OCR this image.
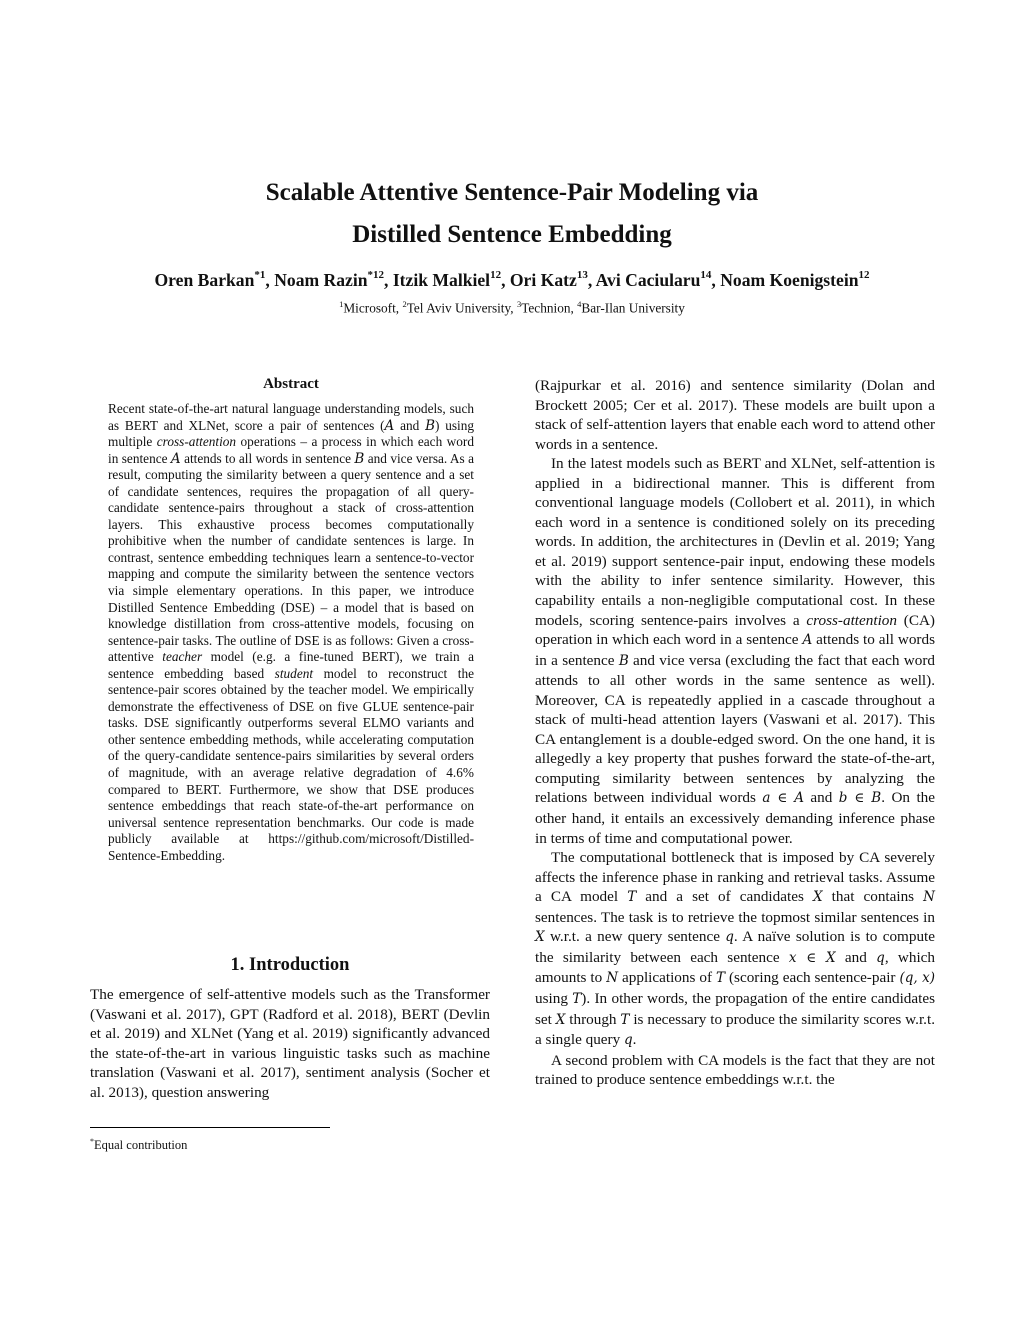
Scalable Attentive Sentence-Pair Modeling via
Distilled Sentence Embedding
Oren Barkan$^{*1}$, Noam Razin$^{*12}$, Itzik Malkiel$^{12}$, Ori Katz$^{13}$, Avi Caciularu$^{14}$, Noam Koenigstein$^{12}$
$^1$Microsoft, $^2$Tel Aviv University, $^3$Technion, $^4$Bar-Ilan University
Abstract

Recent state-of-the-art natural language understanding models, such as BERT and XLNet, score a pair of sentences (A and B) using multiple cross-attention operations – a process in which each word in sentence A attends to all words in sentence B and vice versa. As a result, computing the similarity between a query sentence and a set of candidate sentences, requires the propagation of all query-candidate sentence-pairs throughout a stack of cross-attention layers. This exhaustive process becomes computationally prohibitive when the number of candidate sentences is large. In contrast, sentence embedding techniques learn a sentence-to-vector mapping and compute the similarity between the sentence vectors via simple elementary operations. In this paper, we introduce Distilled Sentence Embedding (DSE) – a model that is based on knowledge distillation from cross-attentive models, focusing on sentence-pair tasks. The outline of DSE is as follows: Given a cross-attentive teacher model (e.g. a fine-tuned BERT), we train a sentence embedding based student model to reconstruct the sentence-pair scores obtained by the teacher model. We empirically demonstrate the effectiveness of DSE on five GLUE sentence-pair tasks. DSE significantly outperforms several ELMO variants and other sentence embedding methods, while accelerating computation of the query-candidate sentence-pairs similarities by several orders of magnitude, with an average relative degradation of 4.6% compared to BERT. Furthermore, we show that DSE produces sentence embeddings that reach state-of-the-art performance on universal sentence representation benchmarks. Our code is made publicly available at https://github.com/microsoft/Distilled-Sentence-Embedding.

1. Introduction

The emergence of self-attentive models such as the Transformer (Vaswani et al. 2017), GPT (Radford et al. 2018), BERT (Devlin et al. 2019) and XLNet (Yang et al. 2019) significantly advanced the state-of-the-art in various linguistic tasks such as machine translation (Vaswani et al. 2017), sentiment analysis (Socher et al. 2013), question answering

(Rajpurkar et al. 2016) and sentence similarity (Dolan and Brockett 2005; Cer et al. 2017). These models are built upon a stack of self-attention layers that enable each word to attend other words in a sentence.

In the latest models such as BERT and XLNet, self-attention is applied in a bidirectional manner. This is different from conventional language models (Collobert et al. 2011), in which each word in a sentence is conditioned solely on its preceding words. In addition, the architectures in (Devlin et al. 2019; Yang et al. 2019) support sentence-pair input, endowing these models with the ability to infer sentence similarity. However, this capability entails a non-negligible computational cost. In these models, scoring sentence-pairs involves a cross-attention (CA) operation in which each word in a sentence A attends to all words in a sentence B and vice versa (excluding the fact that each word attends to all other words in the same sentence as well). Moreover, CA is repeatedly applied in a cascade throughout a stack of multi-head attention layers (Vaswani et al. 2017). This CA entanglement is a double-edged sword. On the one hand, it is allegedly a key property that pushes forward the state-of-the-art, computing similarity between sentences by analyzing the relations between individual words a ∈ A and b ∈ B. On the other hand, it entails an excessively demanding inference phase in terms of time and computational power.

The computational bottleneck that is imposed by CA severely affects the inference phase in ranking and retrieval tasks. Assume a CA model T and a set of candidates X that contains N sentences. The task is to retrieve the topmost similar sentences in X w.r.t. a new query sentence q. A naïve solution is to compute the similarity between each sentence x ∈ X and q, which amounts to N applications of T (scoring each sentence-pair (q, x) using T). In other words, the propagation of the entire candidates set X through T is necessary to produce the similarity scores w.r.t. a single query q.

A second problem with CA models is the fact that they are not trained to produce sentence embeddings w.r.t. the

*Equal contribution
